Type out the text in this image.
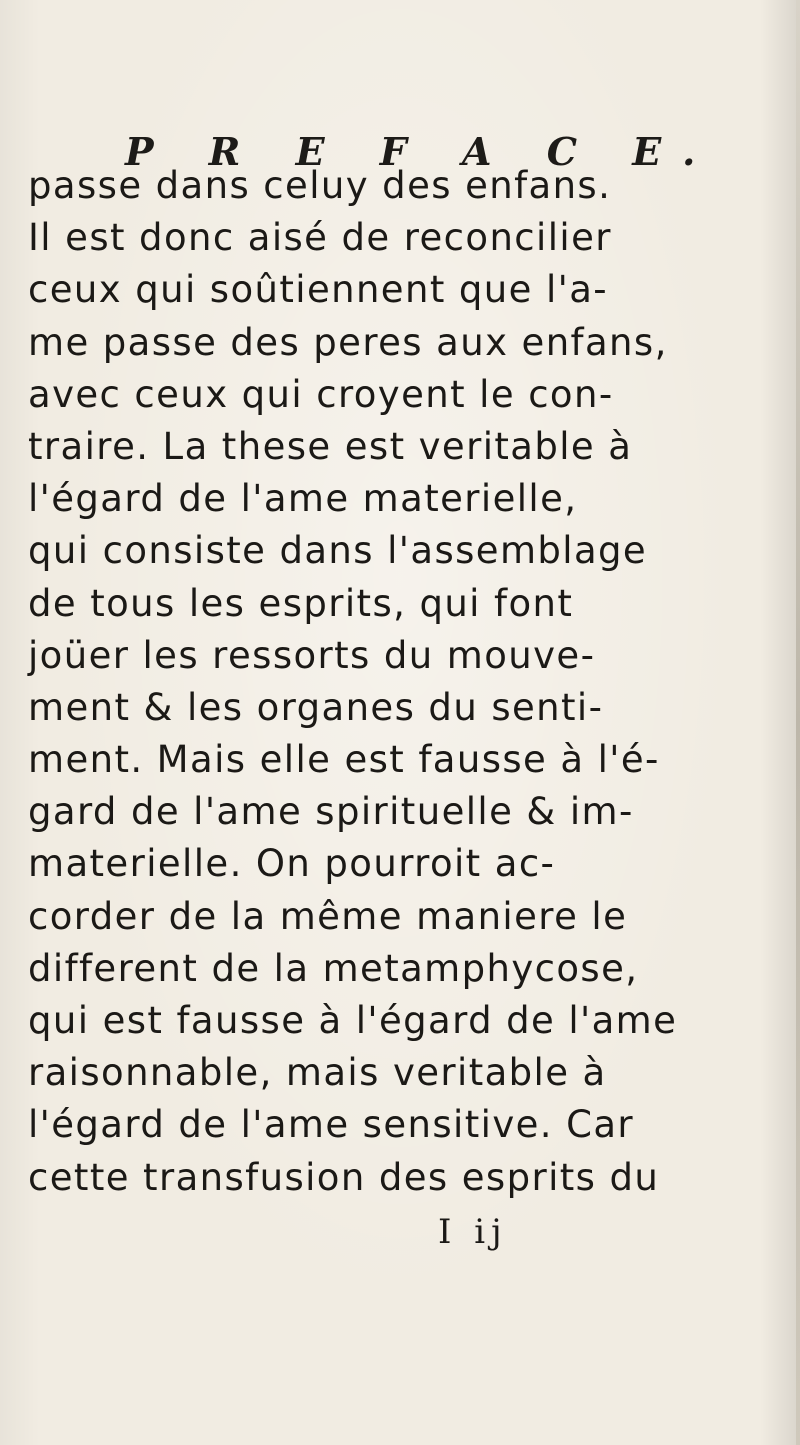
P R E F A C E.
passe dans celuy des enfans.
Il est donc aisé de reconcilier
ceux qui soûtiennent que l'a-
me passe des peres aux enfans,
avec ceux qui croyent le con-
traire. La these est veritable à
l'égard de l'ame materielle,
qui consiste dans l'assemblage
de tous les esprits, qui font
joüer les ressorts du mouve-
ment & les organes du senti-
ment. Mais elle est fausse à l'é-
gard de l'ame spirituelle & im-
materielle. On pourroit ac-
corder de la même maniere le
different de la metamphycose,
qui est fausse à l'égard de l'ame
raisonnable, mais veritable à
l'égard de l'ame sensitive. Car
cette transfusion des esprits du
I ij
